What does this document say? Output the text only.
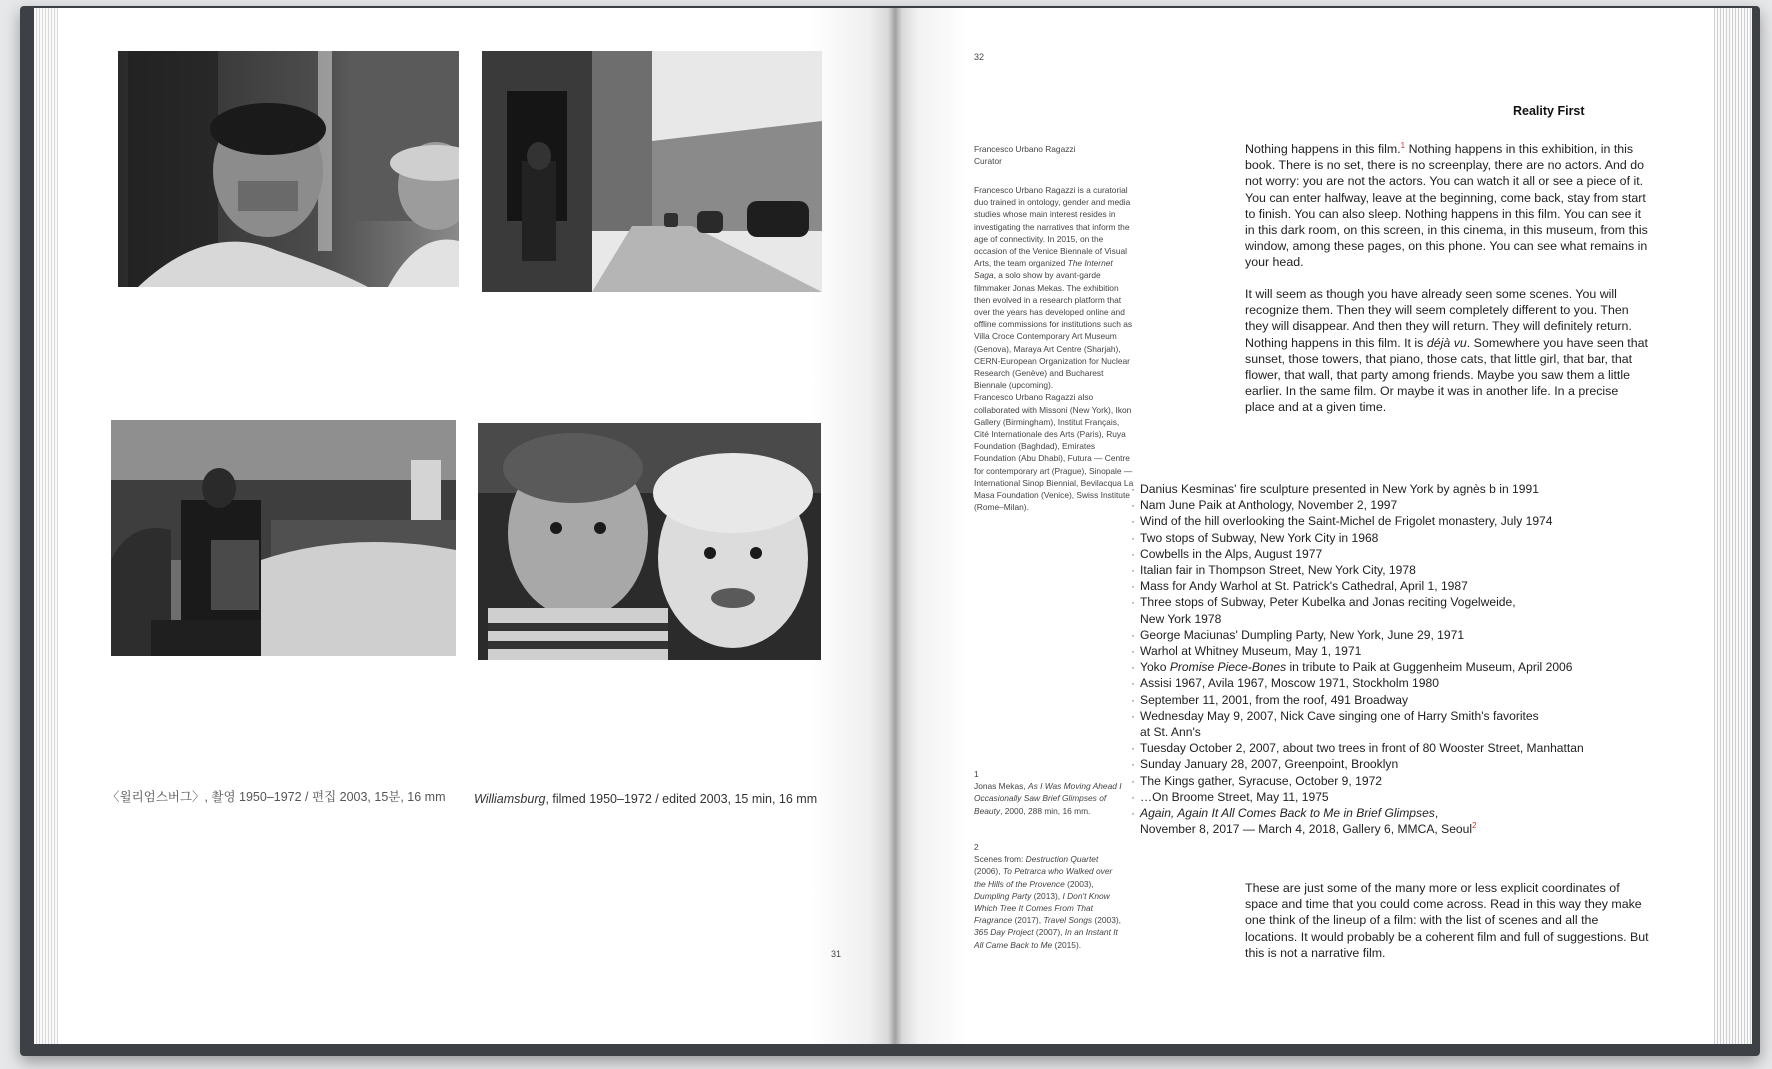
〈윌리엄스버그〉, 촬영 1950–1972 / 편집 2003, 15분, 16 mm	Williamsburg, filmed 1950–1972 / edited 2003, 15 min, 16 mm
31
32
Reality First

Francesco Urbano Ragazzi

Curator

Francesco Urbano Ragazzi is a curatorial duo trained in ontology, gender and media studies whose main interest resides in investigating the narratives that inform the age of connectivity. In 2015, on the occasion of the Venice Biennale of Visual Arts, the team organized The Internet Saga, a solo show by avant-garde filmmaker Jonas Mekas. The exhibition then evolved in a research platform that over the years has developed online and offline commissions for institutions such as Villa Croce Contemporary Art Museum (Genova), Maraya Art Centre (Sharjah), CERN-European Organization for Nuclear Research (Genève) and Bucharest Biennale (upcoming).

Francesco Urbano Ragazzi also collaborated with Missoni (New York), Ikon Gallery (Birmingham), Institut Français, Cité Internationale des Arts (Paris), Ruya Foundation (Baghdad), Emirates Foundation (Abu Dhabi), Futura — Centre for contemporary art (Prague), Sinopale — International Sinop Biennial, Bevilacqua La Masa Foundation (Venice), Swiss Institute (Rome–Milan).

Nothing happens in this film.$^1$ Nothing happens in this exhibition, in this book. There is no set, there is no screenplay, there are no actors. And do not worry: you are not the actors. You can watch it all or see a piece of it. You can enter halfway, leave at the beginning, come back, stay from start to finish. You can also sleep. Nothing happens in this film. You can see it in this dark room, on this screen, in this cinema, in this museum, from this window, among these pages, on this phone. You can see what remains in your head.

It will seem as though you have already seen some scenes. You will recognize them. Then they will seem completely different to you. Then they will disappear. And then they will return. They will definitely return. Nothing happens in this film. It is déjà vu. Somewhere you have seen that sunset, those towers, that piano, those cats, that little girl, that bar, that flower, that wall, that party among friends. Maybe you saw them a little earlier. In the same film. Or maybe it was in another life. In a precise place and at a given time.

· Danius Kesminas' fire sculpture presented in New York by agnès b in 1991
· Nam June Paik at Anthology, November 2, 1997
· Wind of the hill overlooking the Saint-Michel de Frigolet monastery, July 1974
· Two stops of Subway, New York City in 1968
· Cowbells in the Alps, August 1977
· Italian fair in Thompson Street, New York City, 1978
· Mass for Andy Warhol at St. Patrick's Cathedral, April 1, 1987
· Three stops of Subway, Peter Kubelka and Jonas reciting Vogelweide,
New York 1978
· George Maciunas' Dumpling Party, New York, June 29, 1971
· Warhol at Whitney Museum, May 1, 1971
· Yoko Promise Piece-Bones in tribute to Paik at Guggenheim Museum, April 2006
· Assisi 1967, Avila 1967, Moscow 1971, Stockholm 1980
· September 11, 2001, from the roof, 491 Broadway
· Wednesday May 9, 2007, Nick Cave singing one of Harry Smith's favorites
at St. Ann's
· Tuesday October 2, 2007, about two trees in front of 80 Wooster Street, Manhattan
· Sunday January 28, 2007, Greenpoint, Brooklyn
· The Kings gather, Syracuse, October 9, 1972
· …On Broome Street, May 11, 1975
· Again, Again It All Comes Back to Me in Brief Glimpses,
November 8, 2017 — March 4, 2018, Gallery 6, MMCA, Seoul$^2$

These are just some of the many more or less explicit coordinates of space and time that you could come across. Read in this way they make one think of the lineup of a film: with the list of scenes and all the locations. It would probably be a coherent film and full of suggestions. But this is not a narrative film.

1
Jonas Mekas, As I Was Moving Ahead I Occasionally Saw Brief Glimpses of Beauty, 2000, 288 min, 16 mm.
2
Scenes from: Destruction Quartet (2006), To Petrarca who Walked over the Hills of the Provence (2003), Dumpling Party (2013), I Don't Know Which Tree It Comes From That Fragrance (2017), Travel Songs (2003), 365 Day Project (2007), In an Instant It All Came Back to Me (2015).
